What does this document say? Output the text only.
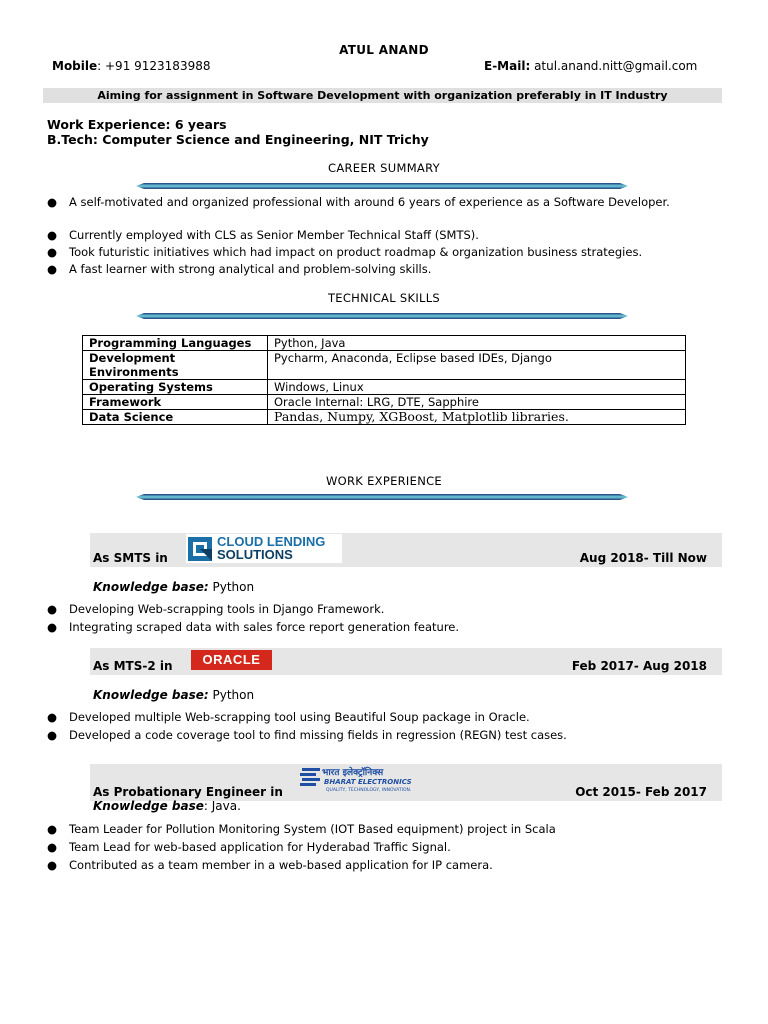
ATUL ANAND
Mobile: +91 9123183988	E-Mail: atul.anand.nitt@gmail.com
Aiming for assignment in Software Development with organization preferably in IT Industry
Work Experience: 6 years
B.Tech: Computer Science and Engineering, NIT Trichy
CAREER SUMMARY
● A self-motivated and organized professional with around 6 years of experience as a Software Developer.
● Currently employed with CLS as Senior Member Technical Staff (SMTS).
● Took futuristic initiatives which had impact on product roadmap & organization business strategies.
● A fast learner with strong analytical and problem-solving skills.
TECHNICAL SKILLS
Programming Languages	Python, Java
Development Environments	Pycharm, Anaconda, Eclipse based IDEs, Django
Operating Systems	Windows, Linux
Framework	Oracle Internal: LRG, DTE, Sapphire
Data Science	Pandas, Numpy, XGBoost, Matplotlib libraries.
WORK EXPERIENCE
As SMTS in
CLOUD LENDING
SOLUTIONS	Aug 2018- Till Now
Knowledge base: Python
● Developing Web-scrapping tools in Django Framework.
● Integrating scraped data with sales force report generation feature.
As MTS-2 in	ORACLE	Feb 2017- Aug 2018
Knowledge base: Python
● Developed multiple Web-scrapping tool using Beautiful Soup package in Oracle.
● Developed a code coverage tool to find missing fields in regression (REGN) test cases.
As Probationary Engineer in
भारत इलेक्ट्रॉनिक्स
BHARAT ELECTRONICS
QUALITY, TECHNOLOGY, INNOVATION.	Oct 2015- Feb 2017
Knowledge base: Java.
● Team Leader for Pollution Monitoring System (IOT Based equipment) project in Scala
● Team Lead for web-based application for Hyderabad Traffic Signal.
● Contributed as a team member in a web-based application for IP camera.
